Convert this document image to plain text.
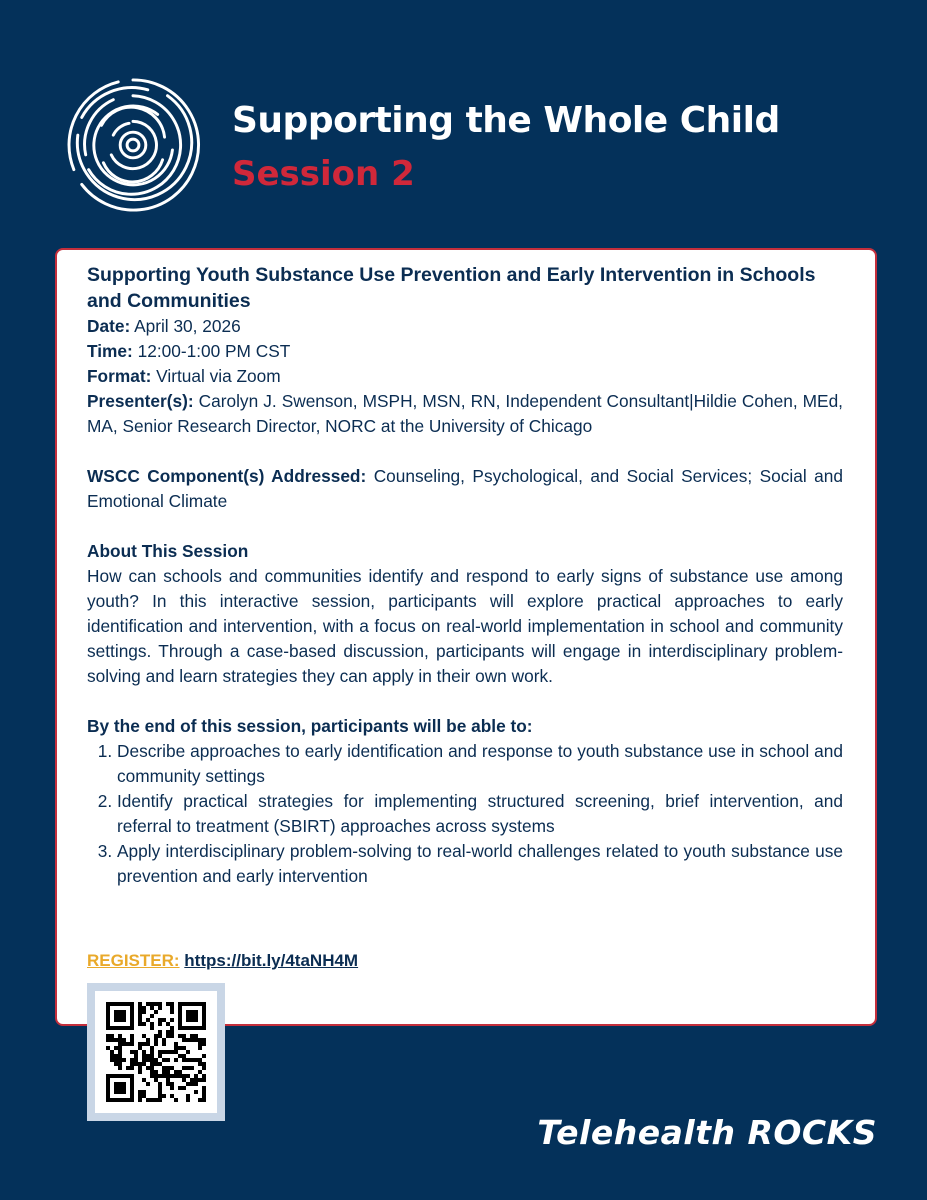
Supporting the Whole Child
Session 2

Supporting Youth Substance Use Prevention and Early Intervention in Schools and Communities

Date: April 30, 2026

Time: 12:00-1:00 PM CST

Format: Virtual via Zoom

Presenter(s): Carolyn J. Swenson, MSPH, MSN, RN, Independent Consultant|Hildie Cohen, MEd, MA, Senior Research Director, NORC at the University of Chicago

WSCC Component(s) Addressed: Counseling, Psychological, and Social Services; Social and Emotional Climate

About This Session

How can schools and communities identify and respond to early signs of substance use among youth? In this interactive session, participants will explore practical approaches to early identification and intervention, with a focus on real-world implementation in school and community settings. Through a case-based discussion, participants will engage in interdisciplinary problem-solving and learn strategies they can apply in their own work.

By the end of this session, participants will be able to:

1. Describe approaches to early identification and response to youth substance use in school and community settings
2. Identify practical strategies for implementing structured screening, brief intervention, and referral to treatment (SBIRT) approaches across systems
3. Apply interdisciplinary problem-solving to real-world challenges related to youth substance use prevention and early intervention
REGISTER: https://bit.ly/4taNH4M
Telehealth ROCKS
